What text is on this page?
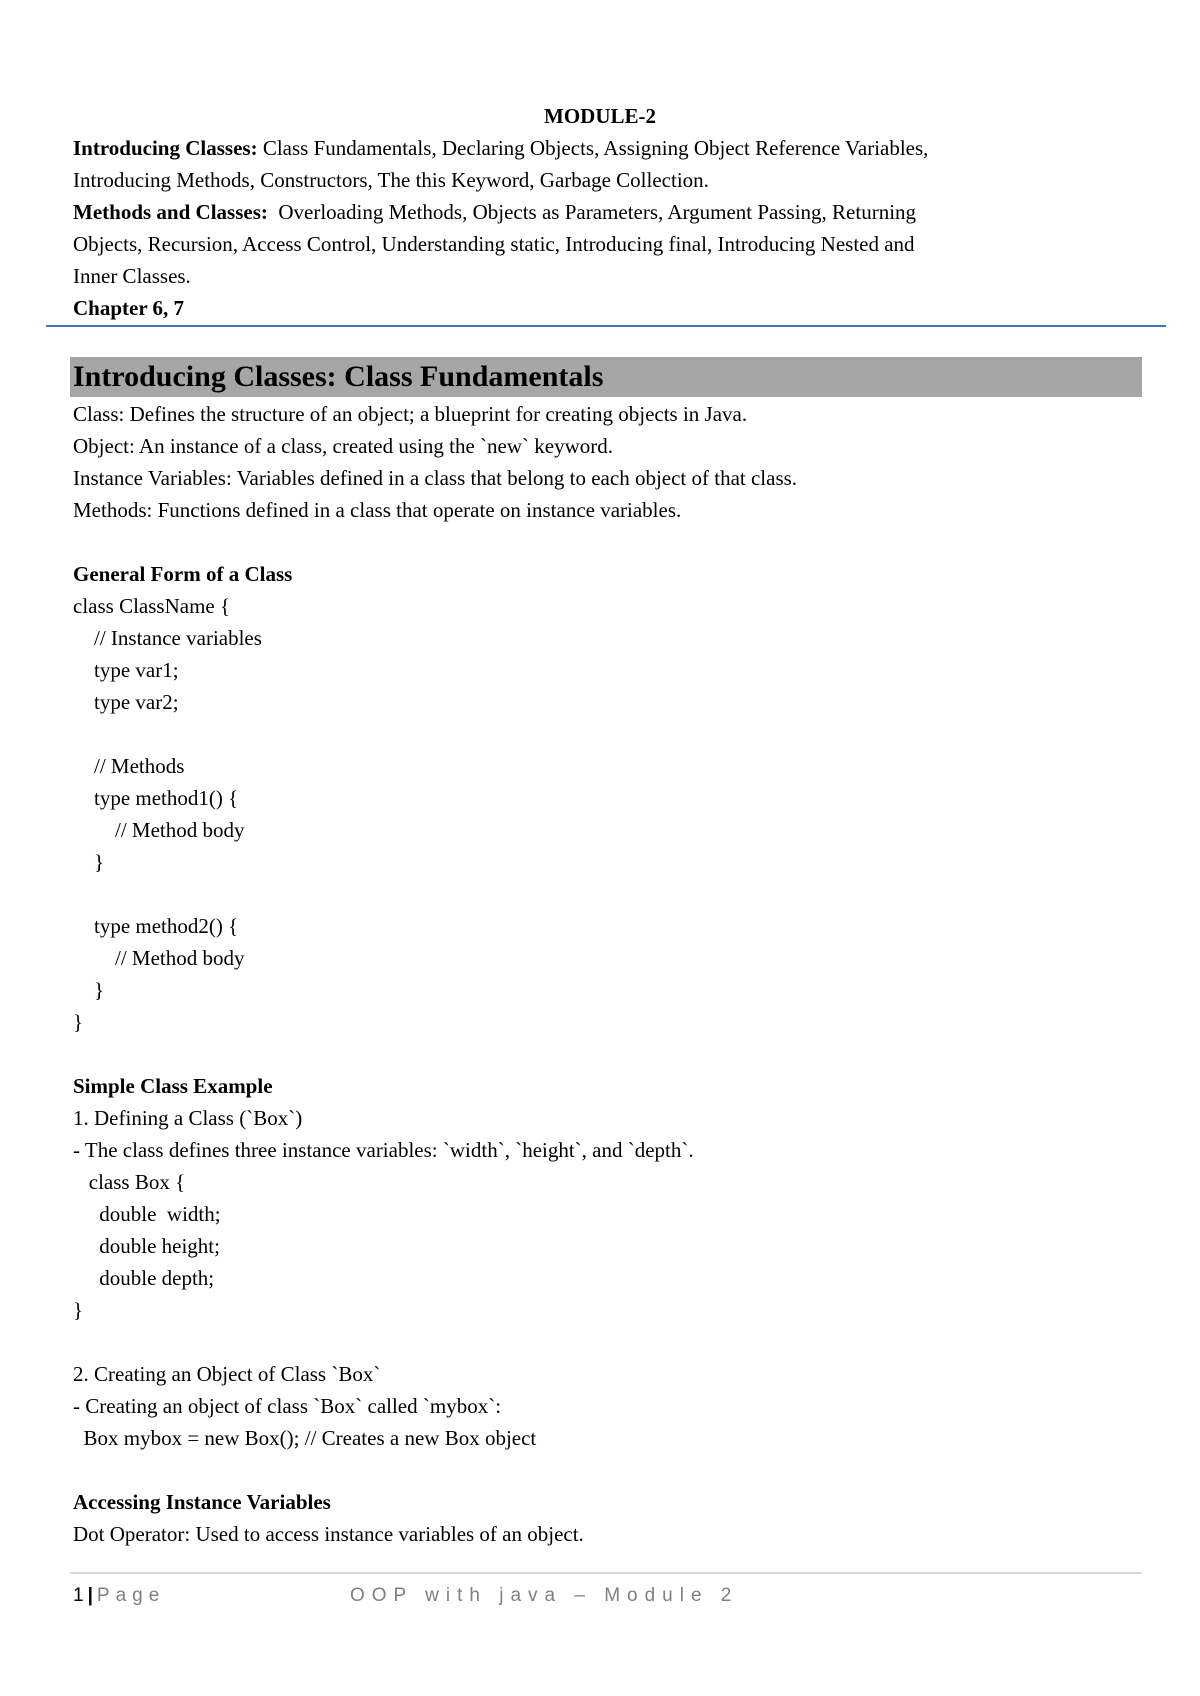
MODULE-2
Introducing Classes: Class Fundamentals, Declaring Objects, Assigning Object Reference Variables,
Introducing Methods, Constructors, The this Keyword, Garbage Collection.
Methods and Classes:  Overloading Methods, Objects as Parameters, Argument Passing, Returning
Objects, Recursion, Access Control, Understanding static, Introducing final, Introducing Nested and
Inner Classes.
Chapter 6, 7
Introducing Classes: Class Fundamentals
Class: Defines the structure of an object; a blueprint for creating objects in Java.
Object: An instance of a class, created using the `new` keyword.
Instance Variables: Variables defined in a class that belong to each object of that class.
Methods: Functions defined in a class that operate on instance variables.
General Form of a Class
class ClassName {
// Instance variables
type var1;
type var2;
// Methods
type method1() {
// Method body
}
type method2() {
// Method body
}
}
Simple Class Example
1. Defining a Class (`Box`)
- The class defines three instance variables: `width`, `height`, and `depth`.
class Box {
double  width;
double height;
double depth;
}
2. Creating an Object of Class `Box`
- Creating an object of class `Box` called `mybox`:
Box mybox = new Box(); // Creates a new Box object
Accessing Instance Variables
Dot Operator: Used to access instance variables of an object.
1 | Page	OOP with java – Module 2
